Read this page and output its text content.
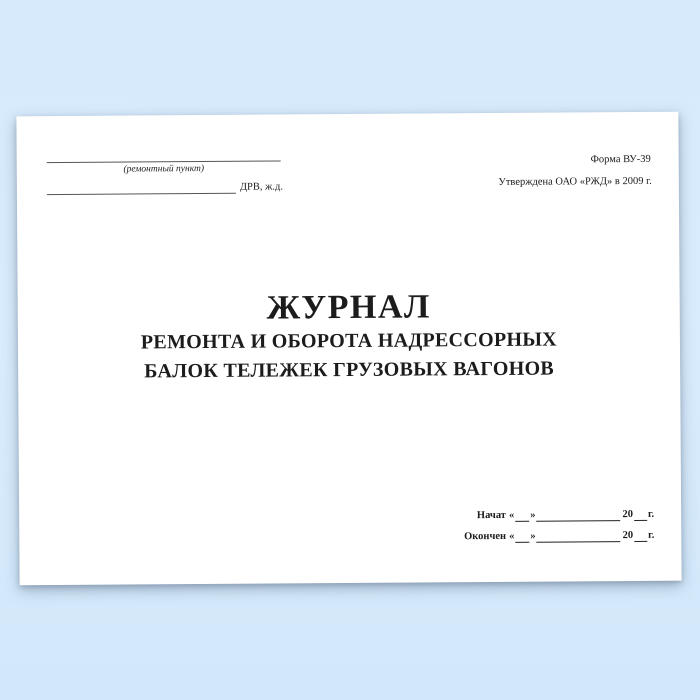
(ремонтный пункт)
ДРВ, ж.д.
Форма ВУ-39
Утверждена ОАО «РЖД» в 2009 г.
ЖУРНАЛ
РЕМОНТА И ОБОРОТА НАДРЕССОРНЫХ
БАЛОК ТЕЛЕЖЕК ГРУЗОВЫХ ВАГОНОВ
Начат « »	20 г.
Окончен « »	20 г.
